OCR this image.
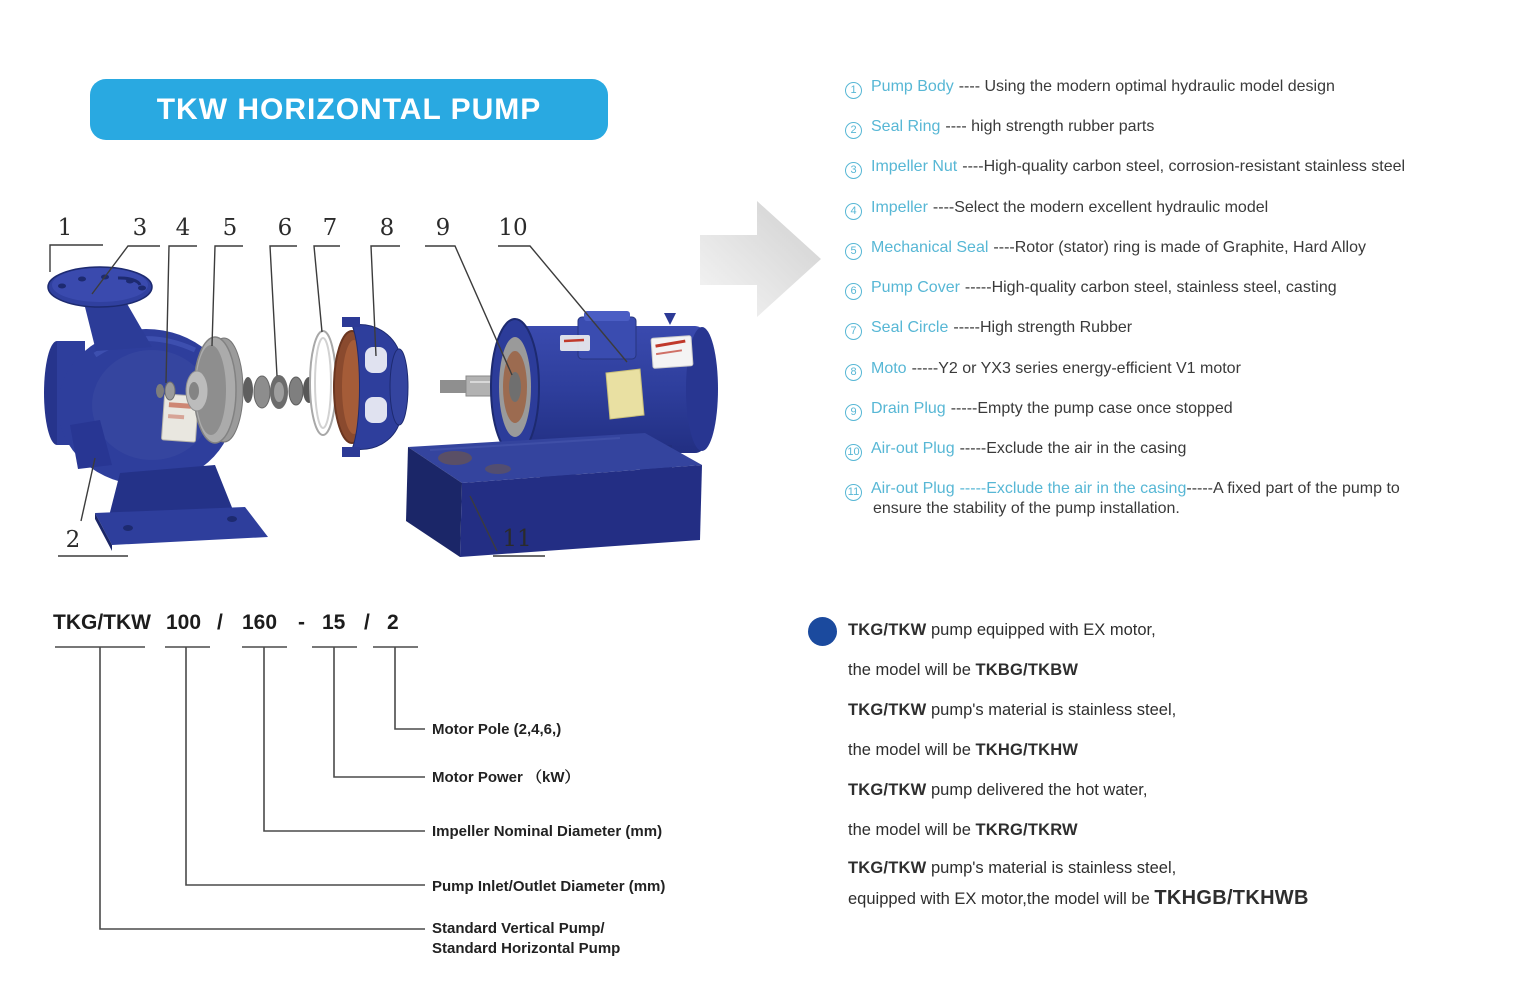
TKW HORIZONTAL PUMP
1	3 4 5 6 7 8 9 10
2	11
TKG/TKW 100 / 160 - 15 / 2
Motor Pole (2,4,6,)
Motor Power （kW）
Impeller Nominal Diameter (mm)
Pump Inlet/Outlet Diameter (mm)
Standard Vertical Pump/
Standard Horizontal Pump
1 Pump Body ---- Using the modern optimal hydraulic model design
2 Seal Ring ---- high strength rubber parts
3 Impeller Nut ----High-quality carbon steel, corrosion-resistant stainless steel
4 Impeller ----Select the modern excellent hydraulic model
5 Mechanical Seal ----Rotor (stator) ring is made of Graphite, Hard Alloy
6 Pump Cover -----High-quality carbon steel, stainless steel, casting
7 Seal Circle -----High strength Rubber
8 Moto -----Y2 or YX3 series energy-efficient V1 motor
9 Drain Plug -----Empty the pump case once stopped
10 Air-out Plug -----Exclude the air in the casing
11 Air-out Plug -----Exclude the air in the casing-----A fixed part of the pump to
ensure the stability of the pump installation.
TKG/TKW pump equipped with EX motor,
the model will be TKBG/TKBW
TKG/TKW pump's material is stainless steel,
the model will be TKHG/TKHW
TKG/TKW pump delivered the hot water,
the model will be TKRG/TKRW
TKG/TKW pump's material is stainless steel,
equipped with EX motor,the model will be TKHGB/TKHWB
